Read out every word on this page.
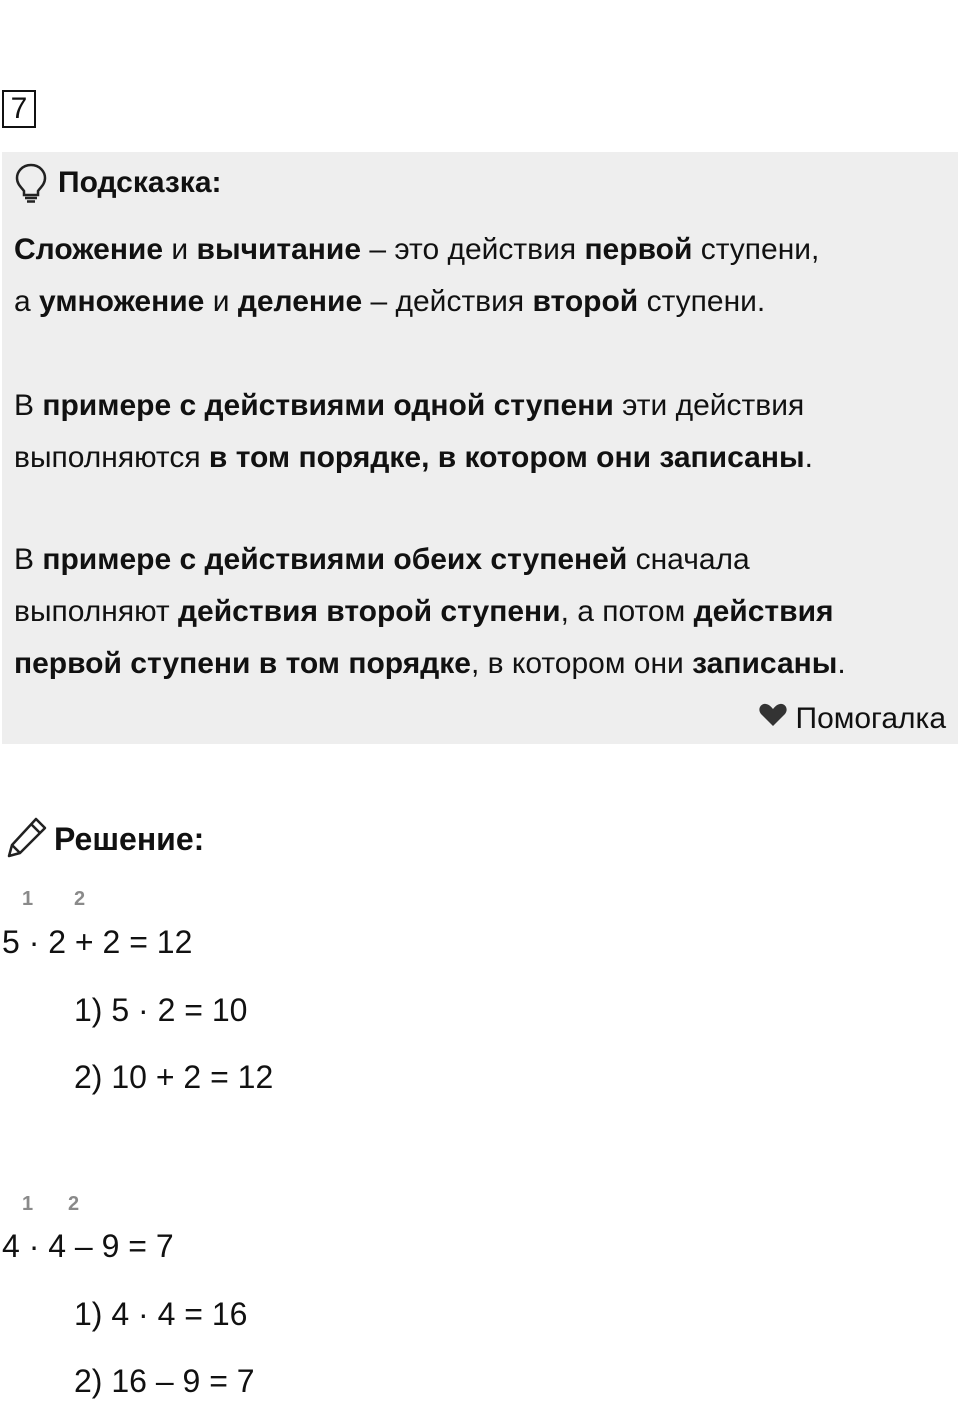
7
Подсказка:

Сложение и вычитание – это действия первой ступени,
а умножение и деление – действия второй ступени.

В примере с действиями одной ступени эти действия
выполняются в том порядке, в котором они записаны.

В примере с действиями обеих ступеней сначала
выполняют действия второй ступени, а потом действия
первой ступени в том порядке, в котором они записаны.

Помогалка
Решение:
1 2
5 · 2 + 2 = 12
1) 5 · 2 = 10
2) 10 + 2 = 12
1 2
4 · 4 – 9 = 7
1) 4 · 4 = 16
2) 16 – 9 = 7
